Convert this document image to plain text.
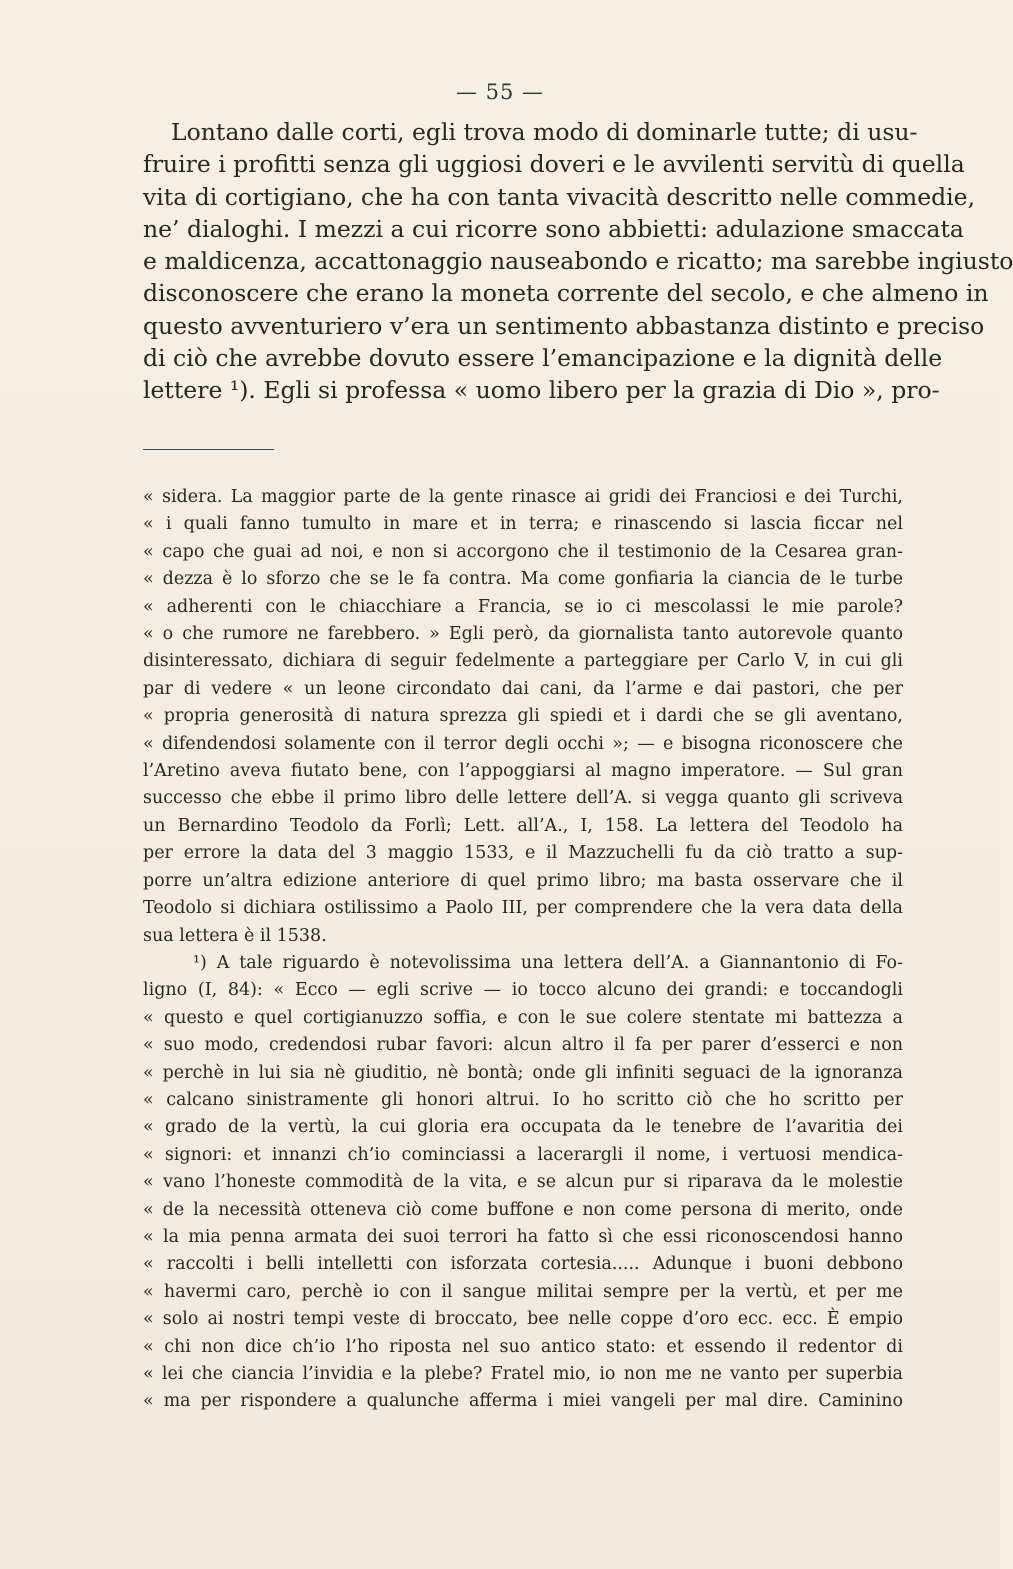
— 55 —
Lontano dalle corti, egli trova modo di dominarle tutte; di usu-
fruire i profitti senza gli uggiosi doveri e le avvilenti servitù di quella
vita di cortigiano, che ha con tanta vivacità descritto nelle commedie,
ne’ dialoghi. I mezzi a cui ricorre sono abbietti: adulazione smaccata
e maldicenza, accattonaggio nauseabondo e ricatto; ma sarebbe ingiusto
disconoscere che erano la moneta corrente del secolo, e che almeno in
questo avventuriero v’era un sentimento abbastanza distinto e preciso
di ciò che avrebbe dovuto essere l’emancipazione e la dignità delle
lettere ¹). Egli si professa « uomo libero per la grazia di Dio », pro-
« sidera. La maggior parte de la gente rinasce ai gridi dei Franciosi e dei Turchi,
« i quali fanno tumulto in mare et in terra; e rinascendo si lascia ficcar nel
« capo che guai ad noi, e non si accorgono che il testimonio de la Cesarea gran-
« dezza è lo sforzo che se le fa contra. Ma come gonfiaria la ciancia de le turbe
« adherenti con le chiacchiare a Francia, se io ci mescolassi le mie parole?
« o che rumore ne farebbero. » Egli però, da giornalista tanto autorevole quanto
disinteressato, dichiara di seguir fedelmente a parteggiare per Carlo V, in cui gli
par di vedere « un leone circondato dai cani, da l’arme e dai pastori, che per
« propria generosità di natura sprezza gli spiedi et i dardi che se gli aventano,
« difendendosi solamente con il terror degli occhi »; — e bisogna riconoscere che
l’Aretino aveva fiutato bene, con l’appoggiarsi al magno imperatore. — Sul gran
successo che ebbe il primo libro delle lettere dell’A. si vegga quanto gli scriveva
un Bernardino Teodolo da Forlì; Lett. all’A., I, 158. La lettera del Teodolo ha
per errore la data del 3 maggio 1533, e il Mazzuchelli fu da ciò tratto a sup-
porre un’altra edizione anteriore di quel primo libro; ma basta osservare che il
Teodolo si dichiara ostilissimo a Paolo III, per comprendere che la vera data della
sua lettera è il 1538.
¹) A tale riguardo è notevolissima una lettera dell’A. a Giannantonio di Fo-
ligno (I, 84): « Ecco — egli scrive — io tocco alcuno dei grandi: e toccandogli
« questo e quel cortigianuzzo soffia, e con le sue colere stentate mi battezza a
« suo modo, credendosi rubar favori: alcun altro il fa per parer d’esserci e non
« perchè in lui sia nè giuditio, nè bontà; onde gli infiniti seguaci de la ignoranza
« calcano sinistramente gli honori altrui. Io ho scritto ciò che ho scritto per
« grado de la vertù, la cui gloria era occupata da le tenebre de l’avaritia dei
« signori: et innanzi ch’io cominciassi a lacerargli il nome, i vertuosi mendica-
« vano l’honeste commodità de la vita, e se alcun pur si riparava da le molestie
« de la necessità otteneva ciò come buffone e non come persona di merito, onde
« la mia penna armata dei suoi terrori ha fatto sì che essi riconoscendosi hanno
« raccolti i belli intelletti con isforzata cortesia..... Adunque i buoni debbono
« havermi caro, perchè io con il sangue militai sempre per la vertù, et per me
« solo ai nostri tempi veste di broccato, bee nelle coppe d’oro ecc. ecc. È empio
« chi non dice ch’io l’ho riposta nel suo antico stato: et essendo il redentor di
« lei che ciancia l’invidia e la plebe? Fratel mio, io non me ne vanto per superbia
« ma per rispondere a qualunche afferma i miei vangeli per mal dire. Caminino
